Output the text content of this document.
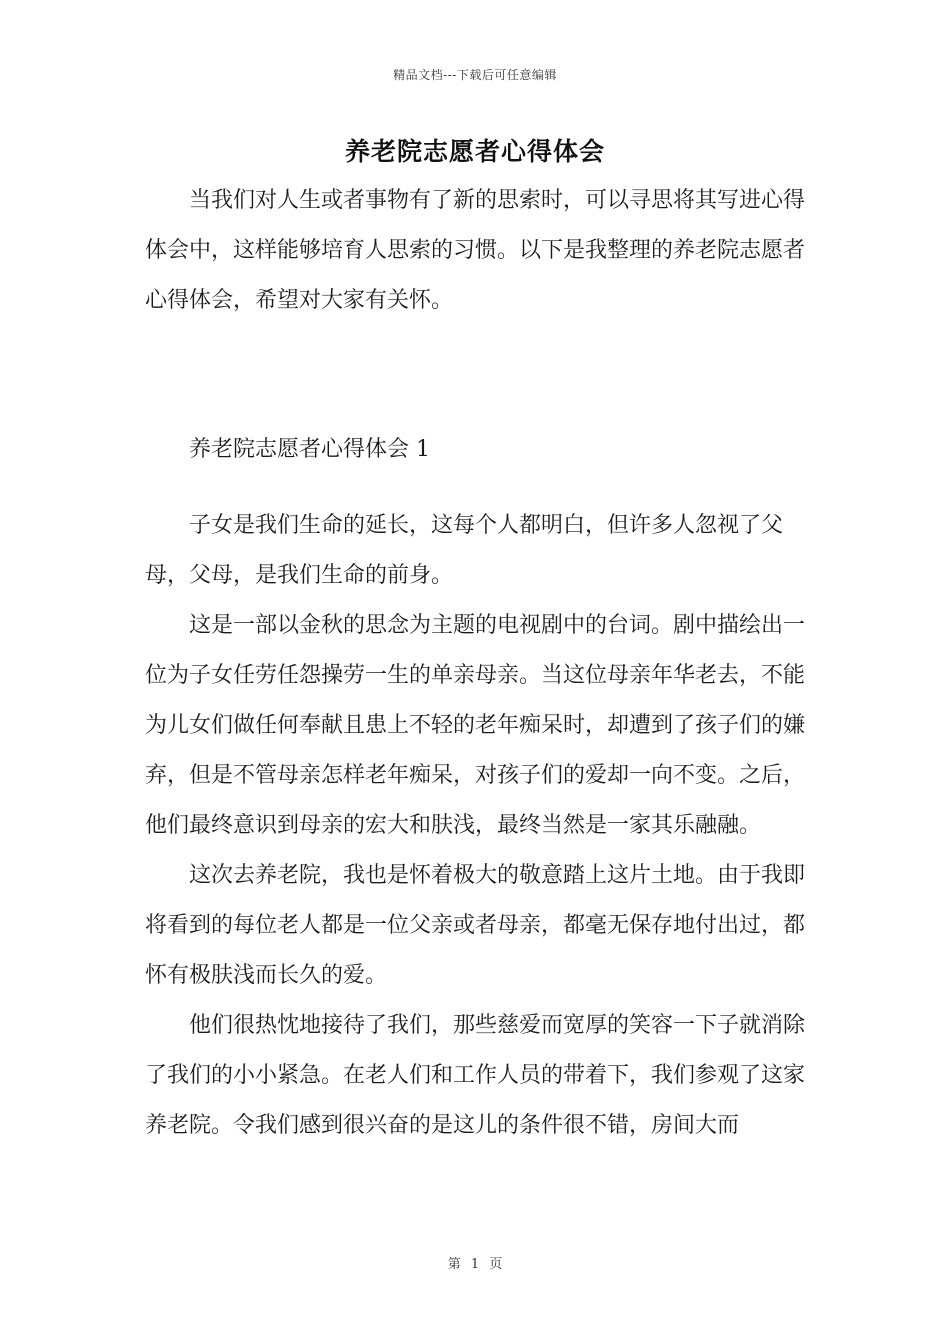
精品文档---下载后可任意编辑
养老院志愿者心得体会

当我们对人生或者事物有了新的思索时，可以寻思将其写进心得体会中，这样能够培育人思索的习惯。以下是我整理的养老院志愿者心得体会，希望对大家有关怀。

养老院志愿者心得体会 1

子女是我们生命的延长，这每个人都明白，但许多人忽视了父母，父母，是我们生命的前身。

这是一部以金秋的思念为主题的电视剧中的台词。剧中描绘出一位为子女任劳任怨操劳一生的单亲母亲。当这位母亲年华老去，不能为儿女们做任何奉献且患上不轻的老年痴呆时，却遭到了孩子们的嫌弃，但是不管母亲怎样老年痴呆，对孩子们的爱却一向不变。之后，他们最终意识到母亲的宏大和肤浅，最终当然是一家其乐融融。

这次去养老院，我也是怀着极大的敬意踏上这片土地。由于我即将看到的每位老人都是一位父亲或者母亲，都毫无保存地付出过，都怀有极肤浅而长久的爱。

他们很热忱地接待了我们，那些慈爱而宽厚的笑容一下子就消除了我们的小小紧急。在老人们和工作人员的带着下，我们参观了这家养老院。令我们感到很兴奋的是这儿的条件很不错，房间大而

第 1 页
